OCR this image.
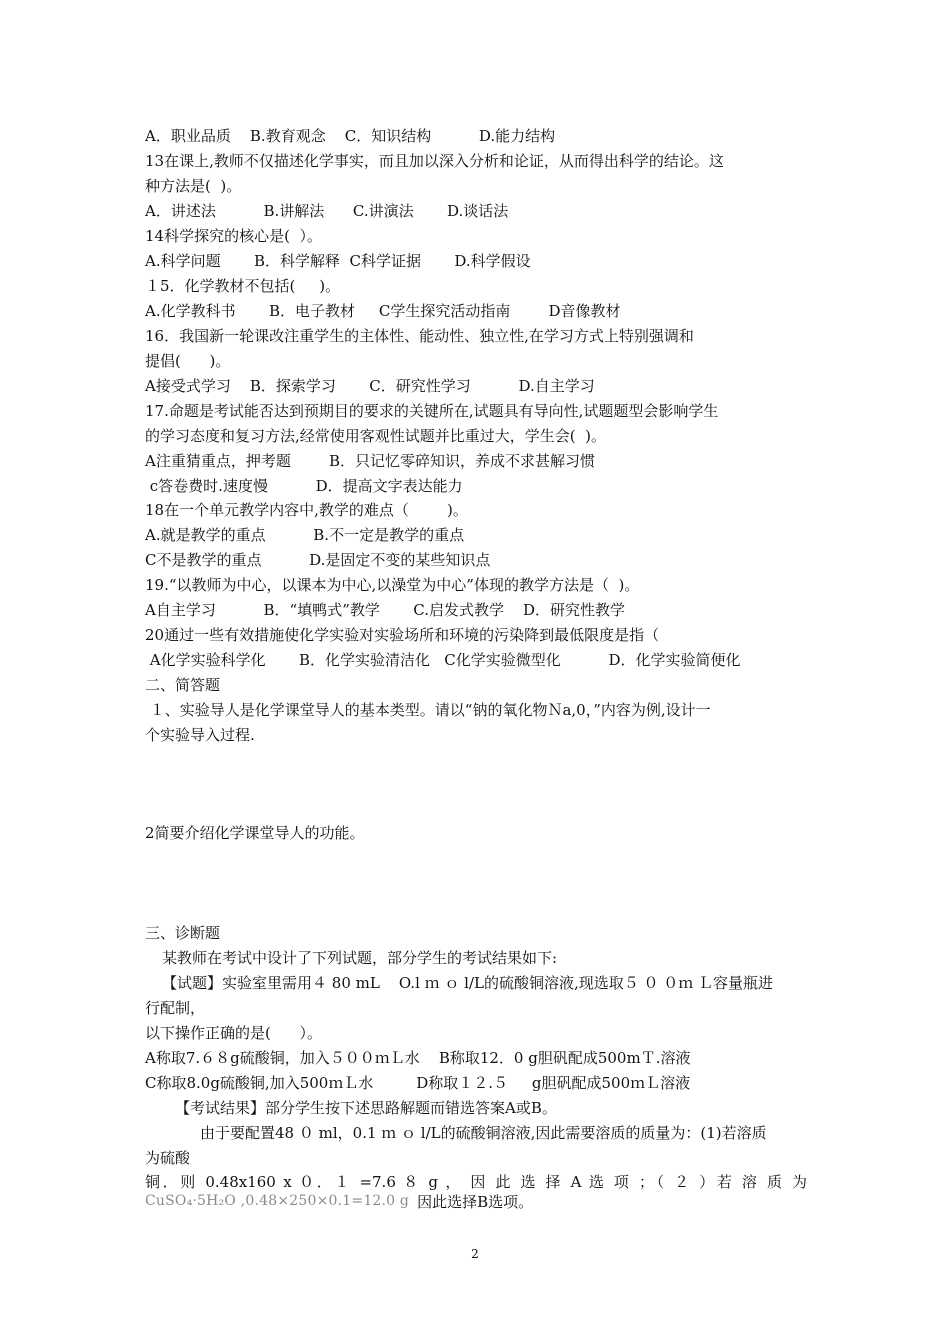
A．职业品质    B.教育观念    C．知识结构          D.能力结构
13在课上,教师不仅描述化学事实，而且加以深入分析和论证，从而得出科学的结论。这
种方法是(  )。
A．讲述法          B.讲解法      C.讲演法       D.谈话法
14科学探究的核心是(  ）。
A.科学问题       B．科学解释  C科学证据       D.科学假设
１5．化学教材不包括(     )。
A.化学教科书       B．电子教材     C学生探究活动指南        D音像教材
16．我国新一轮课改注重学生的主体性、能动性、独立性,在学习方式上特别强调和
提倡(      )。
A接受式学习    B．探索学习       C．研究性学习          D.自主学习
17.命题是考试能否达到预期目的要求的关键所在,试题具有导向性,试题题型会影响学生
的学习态度和复习方法,经常使用客观性试题并比重过大，学生会(  )。
A注重猜重点，押考题        B．只记忆零碎知识，养成不求甚解习惯
c答卷费时.速度慢          D．提高文字表达能力
18在一个单元教学内容中,教学的难点（        )。
A.就是教学的重点          B.不一定是教学的重点
C不是教学的重点          D.是固定不变的某些知识点
19.“以教师为中心，以课本为中心,以澡堂为中心”体现的教学方法是（  )。
A自主学习          B．“填鸭式”教学       C.启发式教学    D．研究性教学
20通过一些有效措施使化学实验对实验场所和环境的污染降到最低限度是指（
A化学实验科学化       B．化学实验清洁化   C化学实验微型化          D．化学实验简便化
二、简答题
１、实验导人是化学课堂导人的基本类型。请以“钠的氧化物Ｎa,0，”内容为例,设计一
个实验导入过程.
2简要介绍化学课堂导人的功能。
三、诊断题
某教师在考试中设计了下列试题，部分学生的考试结果如下:
【试题】实验室里需用４ 80 mL    O.l ｍ ｏ l/L的硫酸铜溶液,现选取５ ０ ０ｍ Ｌ容量瓶进
行配制，
以下操作正确的是(      ）。
A称取7.６８g硫酸铜，加入５００ｍＬ水    B称取12．0 g胆矾配成500mＴ.溶液
C称取8.0g硫酸铜,加入500ｍＬ水         D称取１２.５     g胆矾配成500ｍＬ溶液
【考试结果】部分学生按下述思路解题而错选答案A或B。
由于要配置48 ０ ml，0.1 ｍ ｏ l/L的硫酸铜溶液,因此需要溶质的质量为：(1)若溶质
为硫酸
铜．则 0.48x160 x ０．１ =7.6 ８ g ， 因 此 选 择 A 选 项 ；（ ２ ）若 溶 质 为
CuSO₄·5H₂O ,0.48×250×0.1=12.0 g 因此选择B选项。
2
